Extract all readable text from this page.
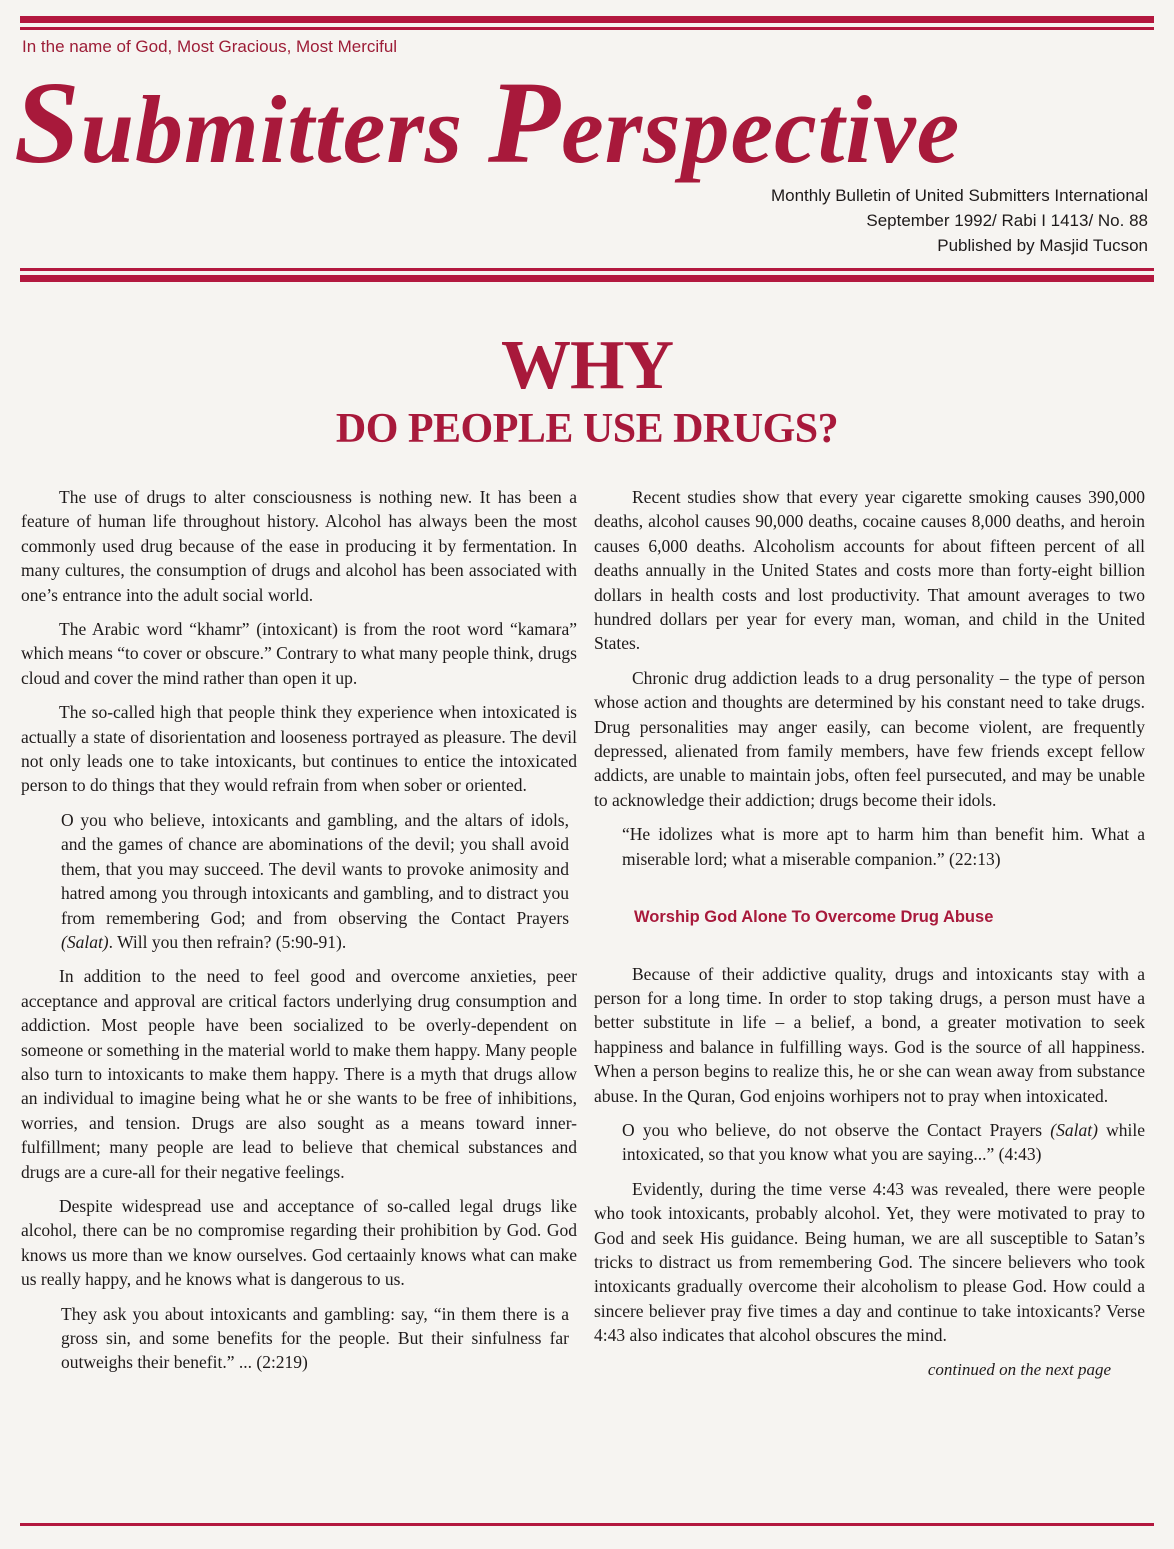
In the name of God, Most Gracious, Most Merciful
Submitters Perspective
Monthly Bulletin of United Submitters International
September 1992/ Rabi I 1413/ No. 88
Published by Masjid Tucson
WHY
DO PEOPLE USE DRUGS?

The use of drugs to alter consciousness is nothing new. It has been a feature of human life throughout history. Alcohol has always been the most commonly used drug because of the ease in producing it by fermentation. In many cultures, the consumption of drugs and alcohol has been associated with one’s entrance into the adult social world.

The Arabic word “khamr” (intoxicant) is from the root word “kamara” which means “to cover or obscure.” Contrary to what many people think, drugs cloud and cover the mind rather than open it up.

The so-called high that people think they experience when intoxicated is actually a state of disorientation and looseness portrayed as pleasure. The devil not only leads one to take intoxicants, but continues to entice the intoxicated person to do things that they would refrain from when sober or oriented.

O you who believe, intoxicants and gambling, and the altars of idols, and the games of chance are abominations of the devil; you shall avoid them, that you may succeed. The devil wants to provoke animosity and hatred among you through intoxicants and gambling, and to distract you from remembering God; and from observing the Contact Prayers (Salat). Will you then refrain? (5:90-91).

In addition to the need to feel good and overcome anxieties, peer acceptance and approval are critical factors underlying drug consumption and addiction. Most people have been socialized to be overly-dependent on someone or something in the material world to make them happy. Many people also turn to intoxicants to make them happy. There is a myth that drugs allow an individual to imagine being what he or she wants to be free of inhibitions, worries, and tension. Drugs are also sought as a means toward inner-fulfillment; many people are lead to believe that chemical substances and drugs are a cure-all for their negative feelings.

Despite widespread use and acceptance of so-called legal drugs like alcohol, there can be no compromise regarding their prohibition by God. God knows us more than we know ourselves. God certaainly knows what can make us really happy, and he knows what is dangerous to us.

They ask you about intoxicants and gambling: say, “in them there is a gross sin, and some benefits for the people. But their sinfulness far outweighs their benefit.” ... (2:219)

Recent studies show that every year cigarette smoking causes 390,000 deaths, alcohol causes 90,000 deaths, cocaine causes 8,000 deaths, and heroin causes 6,000 deaths. Alcoholism accounts for about fifteen percent of all deaths annually in the United States and costs more than forty-eight billion dollars in health costs and lost productivity. That amount averages to two hundred dollars per year for every man, woman, and child in the United States.

Chronic drug addiction leads to a drug personality – the type of person whose action and thoughts are determined by his constant need to take drugs. Drug personalities may anger easily, can become violent, are frequently depressed, alienated from family members, have few friends except fellow addicts, are unable to maintain jobs, often feel pursecuted, and may be unable to acknowledge their addiction; drugs become their idols.

“He idolizes what is more apt to harm him than benefit him. What a miserable lord; what a miserable companion.” (22:13)

Worship God Alone To Overcome Drug Abuse

Because of their addictive quality, drugs and intoxicants stay with a person for a long time. In order to stop taking drugs, a person must have a better substitute in life – a belief, a bond, a greater motivation to seek happiness and balance in fulfilling ways. God is the source of all happiness. When a person begins to realize this, he or she can wean away from substance abuse. In the Quran, God enjoins worhipers not to pray when intoxicated.

O you who believe, do not observe the Contact Prayers (Salat) while intoxicated, so that you know what you are saying...” (4:43)

Evidently, during the time verse 4:43 was revealed, there were people who took intoxicants, probably alcohol. Yet, they were motivated to pray to God and seek His guidance. Being human, we are all susceptible to Satan’s tricks to distract us from remembering God. The sincere believers who took intoxicants gradually overcome their alcoholism to please God. How could a sincere believer pray five times a day and continue to take intoxicants? Verse 4:43 also indicates that alcohol obscures the mind.

continued on the next page
